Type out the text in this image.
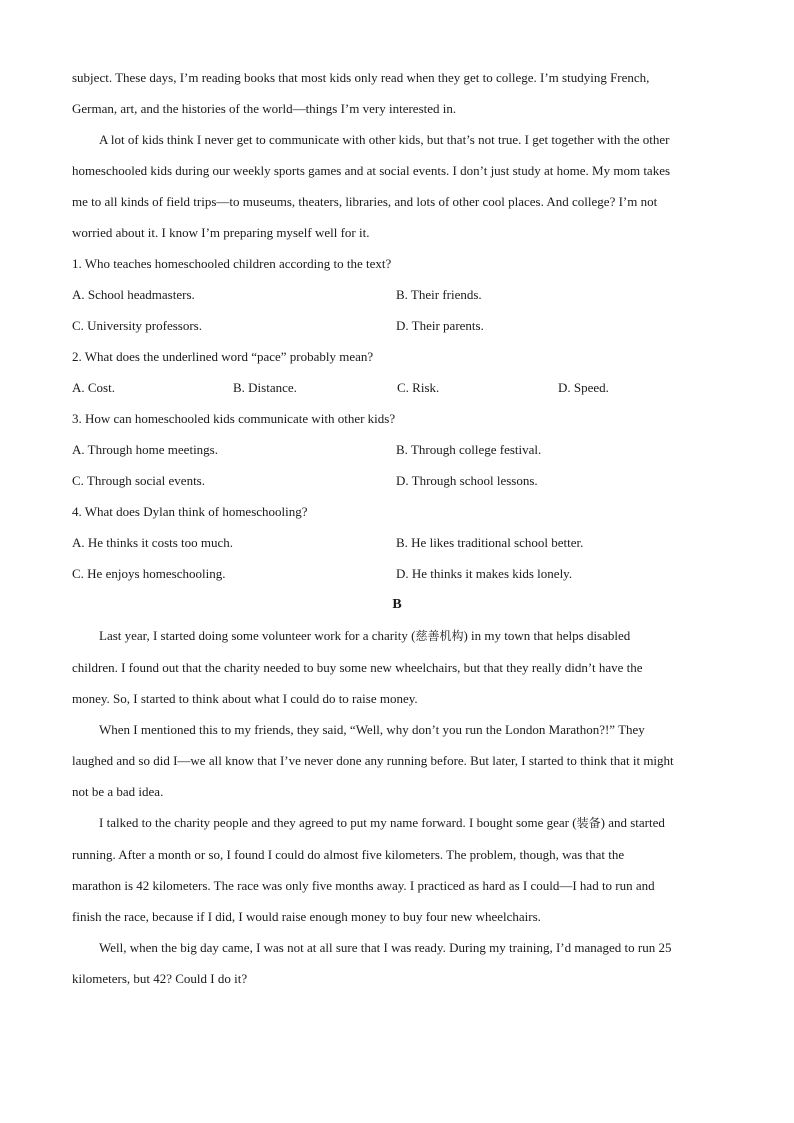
subject. These days, I’m reading books that most kids only read when they get to college. I’m studying French,
German, art, and the histories of the world—things I’m very interested in.
A lot of kids think I never get to communicate with other kids, but that’s not true. I get together with the other
homeschooled kids during our weekly sports games and at social events. I don’t just study at home. My mom takes
me to all kinds of field trips—to museums, theaters, libraries, and lots of other cool places. And college? I’m not
worried about it. I know I’m preparing myself well for it.
1. Who teaches homeschooled children according to the text?
A. School headmasters.	B. Their friends.
C. University professors.	D. Their parents.
2. What does the underlined word “pace” probably mean?
A. Cost.	B. Distance.	C. Risk.	D. Speed.
3. How can homeschooled kids communicate with other kids?
A. Through home meetings.	B. Through college festival.
C. Through social events.	D. Through school lessons.
4. What does Dylan think of homeschooling?
A. He thinks it costs too much.	B. He likes traditional school better.
C. He enjoys homeschooling.	D. He thinks it makes kids lonely.
B
Last year, I started doing some volunteer work for a charity (慈善机构) in my town that helps disabled
children. I found out that the charity needed to buy some new wheelchairs, but that they really didn’t have the
money. So, I started to think about what I could do to raise money.
When I mentioned this to my friends, they said, “Well, why don’t you run the London Marathon?!” They
laughed and so did I—we all know that I’ve never done any running before. But later, I started to think that it might
not be a bad idea.
I talked to the charity people and they agreed to put my name forward. I bought some gear (装备) and started
running. After a month or so, I found I could do almost five kilometers. The problem, though, was that the
marathon is 42 kilometers. The race was only five months away. I practiced as hard as I could—I had to run and
finish the race, because if I did, I would raise enough money to buy four new wheelchairs.
Well, when the big day came, I was not at all sure that I was ready. During my training, I’d managed to run 25
kilometers, but 42? Could I do it?
